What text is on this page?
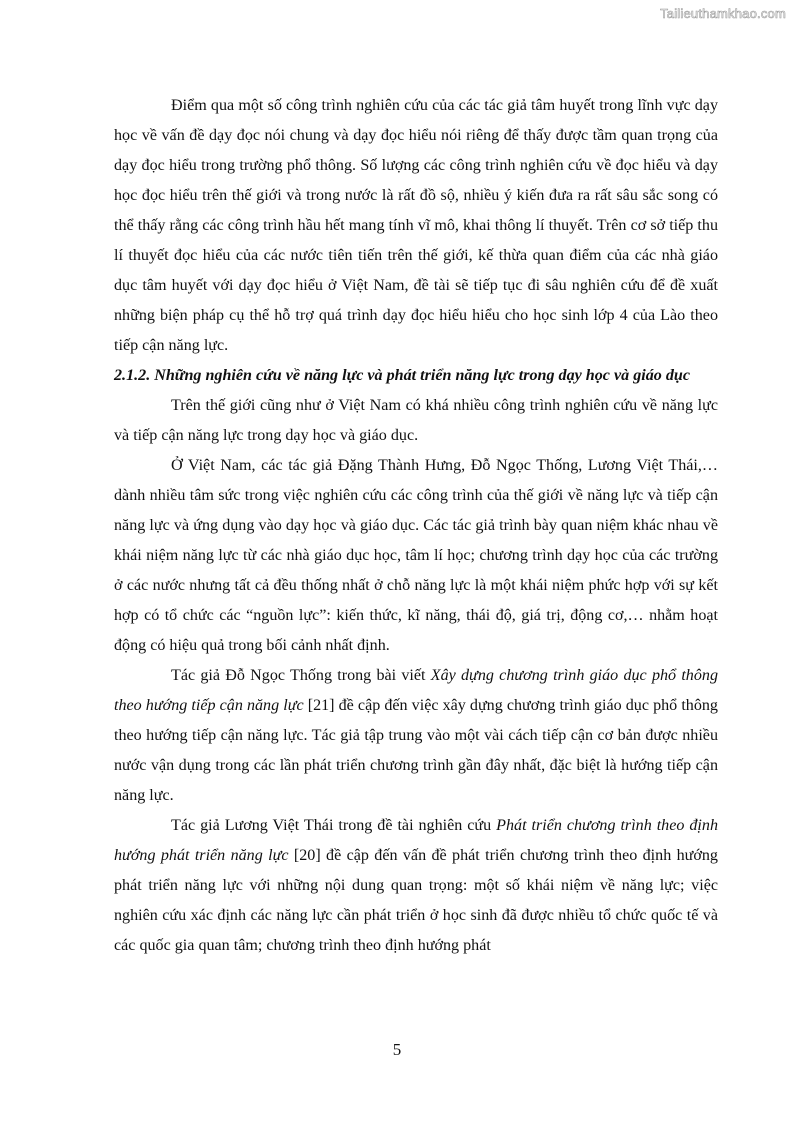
Tailieuthamkhao.com

Điểm qua một số công trình nghiên cứu của các tác giả tâm huyết trong lĩnh vực dạy học về vấn đề dạy đọc nói chung và dạy đọc hiểu nói riêng để thấy được tầm quan trọng của dạy đọc hiểu trong trường phổ thông. Số lượng các công trình nghiên cứu về đọc hiểu và dạy học đọc hiểu trên thế giới và trong nước là rất đồ sộ, nhiều ý kiến đưa ra rất sâu sắc song có thể thấy rằng các công trình hầu hết mang tính vĩ mô, khai thông lí thuyết. Trên cơ sở tiếp thu lí thuyết đọc hiểu của các nước tiên tiến trên thế giới, kế thừa quan điểm của các nhà giáo dục tâm huyết với dạy đọc hiểu ở Việt Nam, đề tài sẽ tiếp tục đi sâu nghiên cứu để đề xuất những biện pháp cụ thể hỗ trợ quá trình dạy đọc hiểu hiểu cho học sinh lớp 4 của Lào theo tiếp cận năng lực.

2.1.2. Những nghiên cứu về năng lực và phát triển năng lực trong dạy học và giáo dục

Trên thế giới cũng như ở Việt Nam có khá nhiều công trình nghiên cứu về năng lực và tiếp cận năng lực trong dạy học và giáo dục.

Ở Việt Nam, các tác giả Đặng Thành Hưng, Đỗ Ngọc Thống, Lương Việt Thái,… dành nhiều tâm sức trong việc nghiên cứu các công trình của thế giới về năng lực và tiếp cận năng lực và ứng dụng vào dạy học và giáo dục. Các tác giả trình bày quan niệm khác nhau về khái niệm năng lực từ các nhà giáo dục học, tâm lí học; chương trình dạy học của các trường ở các nước nhưng tất cả đều thống nhất ở chỗ năng lực là một khái niệm phức hợp với sự kết hợp có tổ chức các “nguồn lực”: kiến thức, kĩ năng, thái độ, giá trị, động cơ,… nhằm hoạt động có hiệu quả trong bối cảnh nhất định.

Tác giả Đỗ Ngọc Thống trong bài viết Xây dựng chương trình giáo dục phổ thông theo hướng tiếp cận năng lực [21] đề cập đến việc xây dựng chương trình giáo dục phổ thông theo hướng tiếp cận năng lực. Tác giả tập trung vào một vài cách tiếp cận cơ bản được nhiều nước vận dụng trong các lần phát triển chương trình gần đây nhất, đặc biệt là hướng tiếp cận năng lực.

Tác giả Lương Việt Thái trong đề tài nghiên cứu Phát triển chương trình theo định hướng phát triển năng lực [20] đề cập đến vấn đề phát triển chương trình theo định hướng phát triển năng lực với những nội dung quan trọng: một số khái niệm về năng lực; việc nghiên cứu xác định các năng lực cần phát triển ở học sinh đã được nhiều tổ chức quốc tế và các quốc gia quan tâm; chương trình theo định hướng phát

5
